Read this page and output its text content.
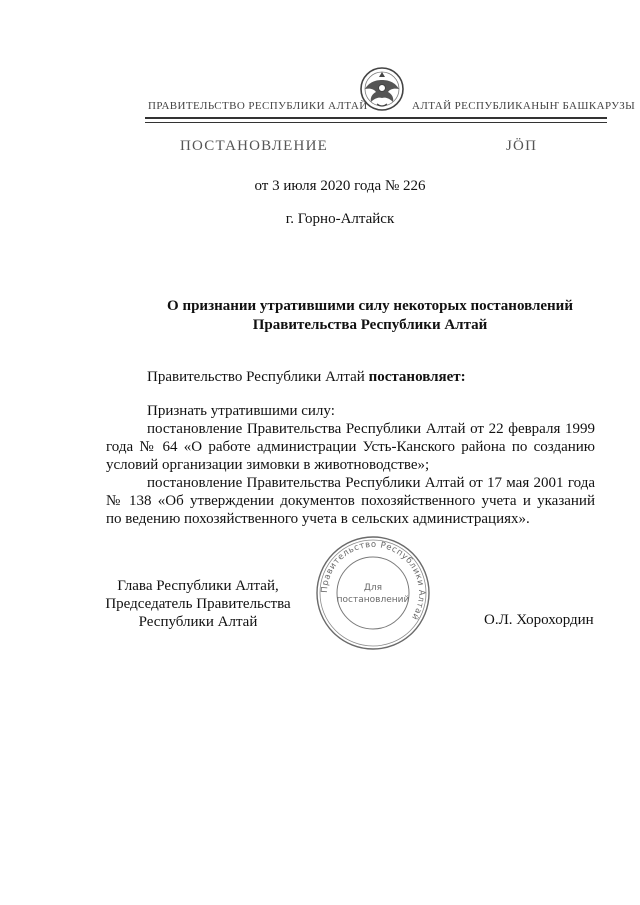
ПРАВИТЕЛЬСТВО РЕСПУБЛИКИ АЛТАЙ	АЛТАЙ РЕСПУБЛИКАНЫҤ БАШКАРУЗЫ
ПОСТАНОВЛЕНИЕ	ЈӦП
от 3 июля 2020 года № 226
г. Горно-Алтайск
О признании утратившими силу некоторых постановлений
Правительства Республики Алтай
Правительство Республики Алтай постановляет:
Признать утратившими силу:
постановление Правительства Республики Алтай от 22 февраля 1999
года № 64 «О работе администрации Усть-Канского района по созданию
условий организации зимовки в животноводстве»;
постановление Правительства Республики Алтай от 17 мая 2001 года
№ 138 «Об утверждении документов похозяйственного учета и указаний
по ведению похозяйственного учета в сельских администрациях».
Глава Республики Алтай,
Председатель Правительства
Республики Алтай	О.Л. Хорохордин
Правительство Республики Алтай
Для
постановлений
